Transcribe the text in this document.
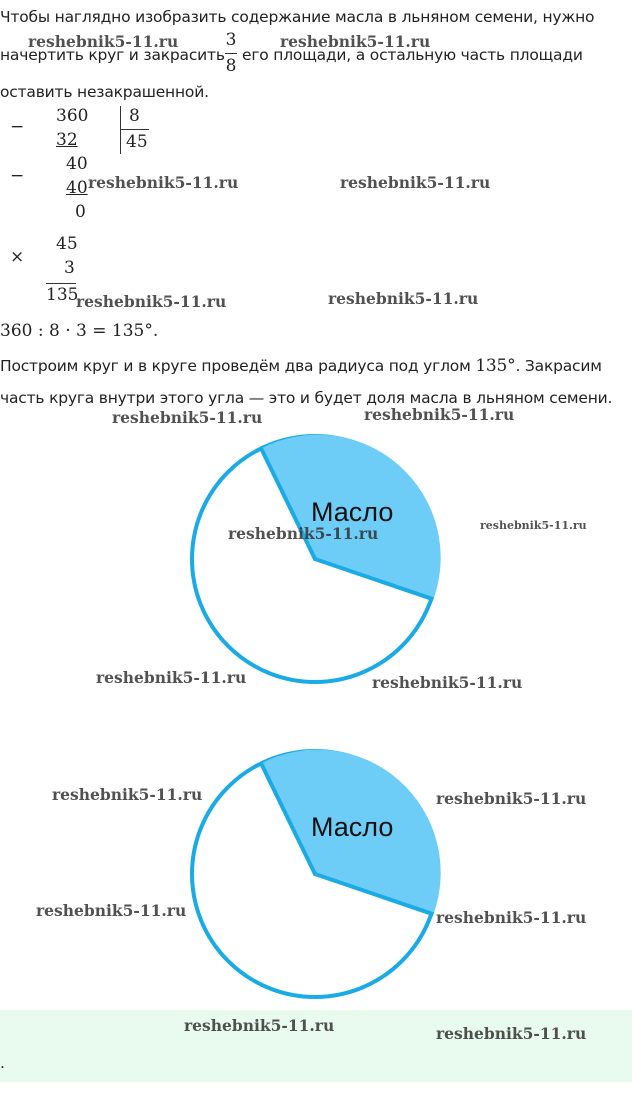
Чтобы наглядно изобразить содержание масла в льняном семени, нужно
начертить круг и закрасить
3
8
его площади, а остальную часть площади
оставить незакрашенной.
−
360
32
8
45
−
40
40
0
×
45
3
135
360 : 8 · 3 = 135°.
Построим круг и в круге проведём два радиуса под углом 135°. Закрасим
часть круга внутри этого угла — это и будет доля масла в льняном семени.
Масло
Масло
.
reshebnik5-11.ru	reshebnik5-11.ru
reshebnik5-11.ru	reshebnik5-11.ru
reshebnik5-11.ru	reshebnik5-11.ru
reshebnik5-11.ru	reshebnik5-11.ru
reshebnik5-11.ru	reshebnik5-11.ru
reshebnik5-11.ru	reshebnik5-11.ru
reshebnik5-11.ru	reshebnik5-11.ru
reshebnik5-11.ru	reshebnik5-11.ru
reshebnik5-11.ru	reshebnik5-11.ru
